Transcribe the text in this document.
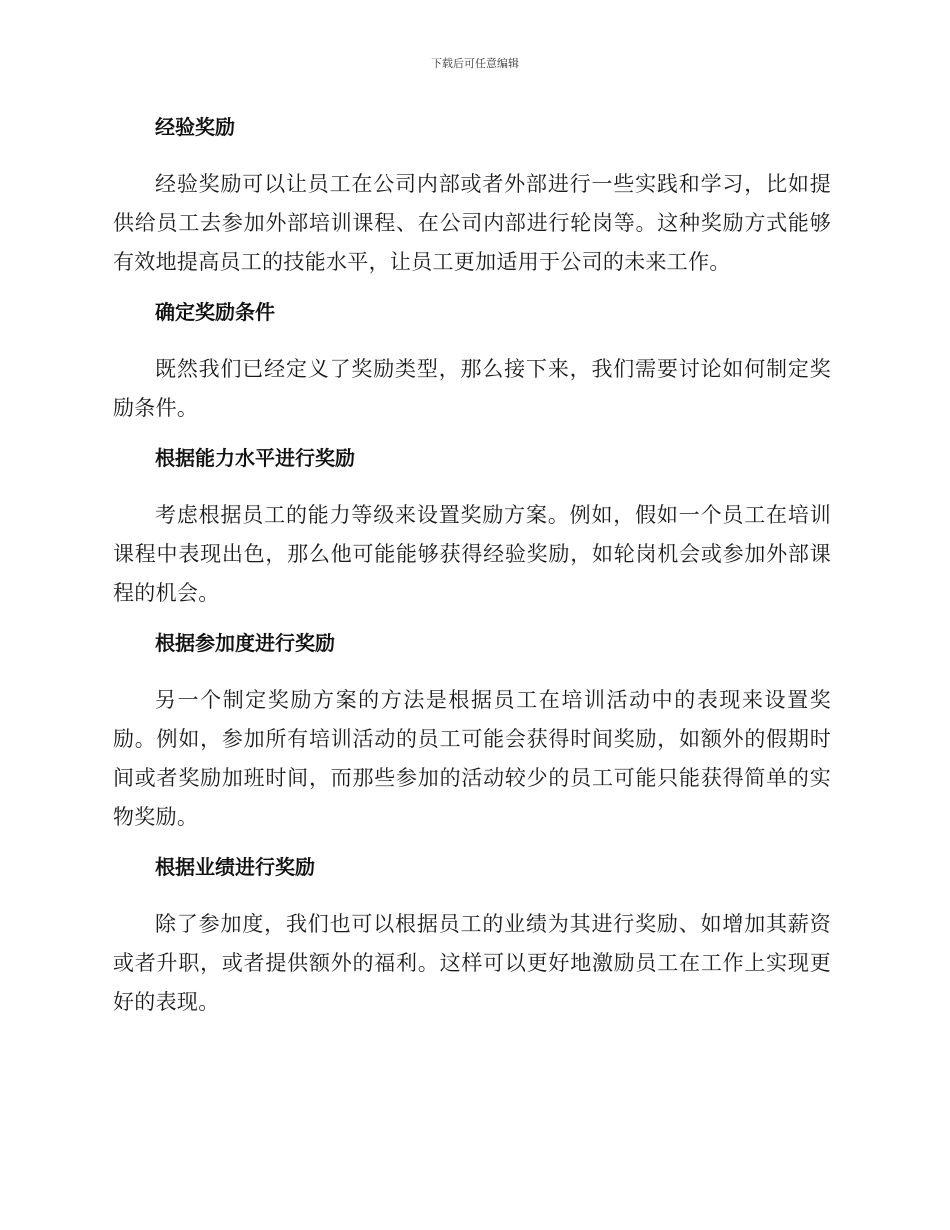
下载后可任意编辑
经验奖励

经验奖励可以让员工在公司内部或者外部进行一些实践和学习，比如提供给员工去参加外部培训课程、在公司内部进行轮岗等。这种奖励方式能够有效地提高员工的技能水平，让员工更加适用于公司的未来工作。

确定奖励条件

既然我们已经定义了奖励类型，那么接下来，我们需要讨论如何制定奖励条件。

根据能力水平进行奖励

考虑根据员工的能力等级来设置奖励方案。例如，假如一个员工在培训课程中表现出色，那么他可能能够获得经验奖励，如轮岗机会或参加外部课程的机会。

根据参加度进行奖励

另一个制定奖励方案的方法是根据员工在培训活动中的表现来设置奖励。例如，参加所有培训活动的员工可能会获得时间奖励，如额外的假期时间或者奖励加班时间，而那些参加的活动较少的员工可能只能获得简单的实物奖励。

根据业绩进行奖励

除了参加度，我们也可以根据员工的业绩为其进行奖励、如增加其薪资或者升职，或者提供额外的福利。这样可以更好地激励员工在工作上实现更好的表现。
